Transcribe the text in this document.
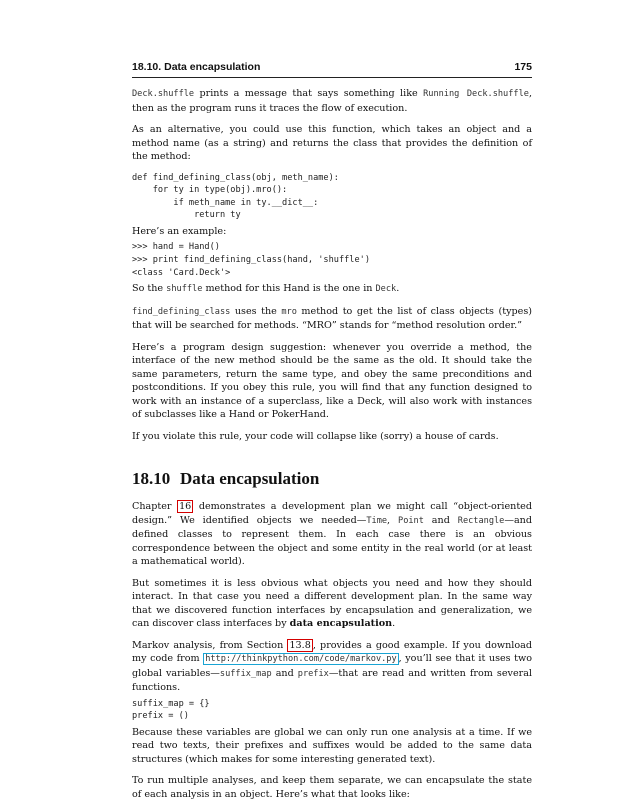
18.10. Data encapsulation	175

Deck.shuffle prints a message that says something like Running Deck.shuffle, then as the program runs it traces the flow of execution.

As an alternative, you could use this function, which takes an object and a method name (as a string) and returns the class that provides the definition of the method:

def find_defining_class(obj, meth_name):
for ty in type(obj).mro():
if meth_name in ty.__dict__:
return ty

Here’s an example:

>>> hand = Hand()
>>> print find_defining_class(hand, 'shuffle')
<class 'Card.Deck'>

So the shuffle method for this Hand is the one in Deck.

find_defining_class uses the mro method to get the list of class objects (types) that will be searched for methods. “MRO” stands for “method resolution order.”

Here’s a program design suggestion: whenever you override a method, the interface of the new method should be the same as the old. It should take the same parameters, return the same type, and obey the same preconditions and postconditions. If you obey this rule, you will find that any function designed to work with an instance of a superclass, like a Deck, will also work with instances of subclasses like a Hand or PokerHand.

If you violate this rule, your code will collapse like (sorry) a house of cards.

18.10 Data encapsulation

Chapter 16 demonstrates a development plan we might call “object-oriented design.” We identified objects we needed—Time, Point and Rectangle—and defined classes to represent them. In each case there is an obvious correspondence between the object and some entity in the real world (or at least a mathematical world).

But sometimes it is less obvious what objects you need and how they should interact. In that case you need a different development plan. In the same way that we discovered function interfaces by encapsulation and generalization, we can discover class interfaces by data encapsulation.

Markov analysis, from Section 13.8 , provides a good example. If you download my code from http://thinkpython.com/code/markov.py , you’ll see that it uses two global variables—suffix_map and prefix—that are read and written from several functions.

suffix_map = {}
prefix = ()

Because these variables are global we can only run one analysis at a time. If we read two texts, their prefixes and suffixes would be added to the same data structures (which makes for some interesting generated text).

To run multiple analyses, and keep them separate, we can encapsulate the state of each analysis in an object. Here’s what that looks like:
